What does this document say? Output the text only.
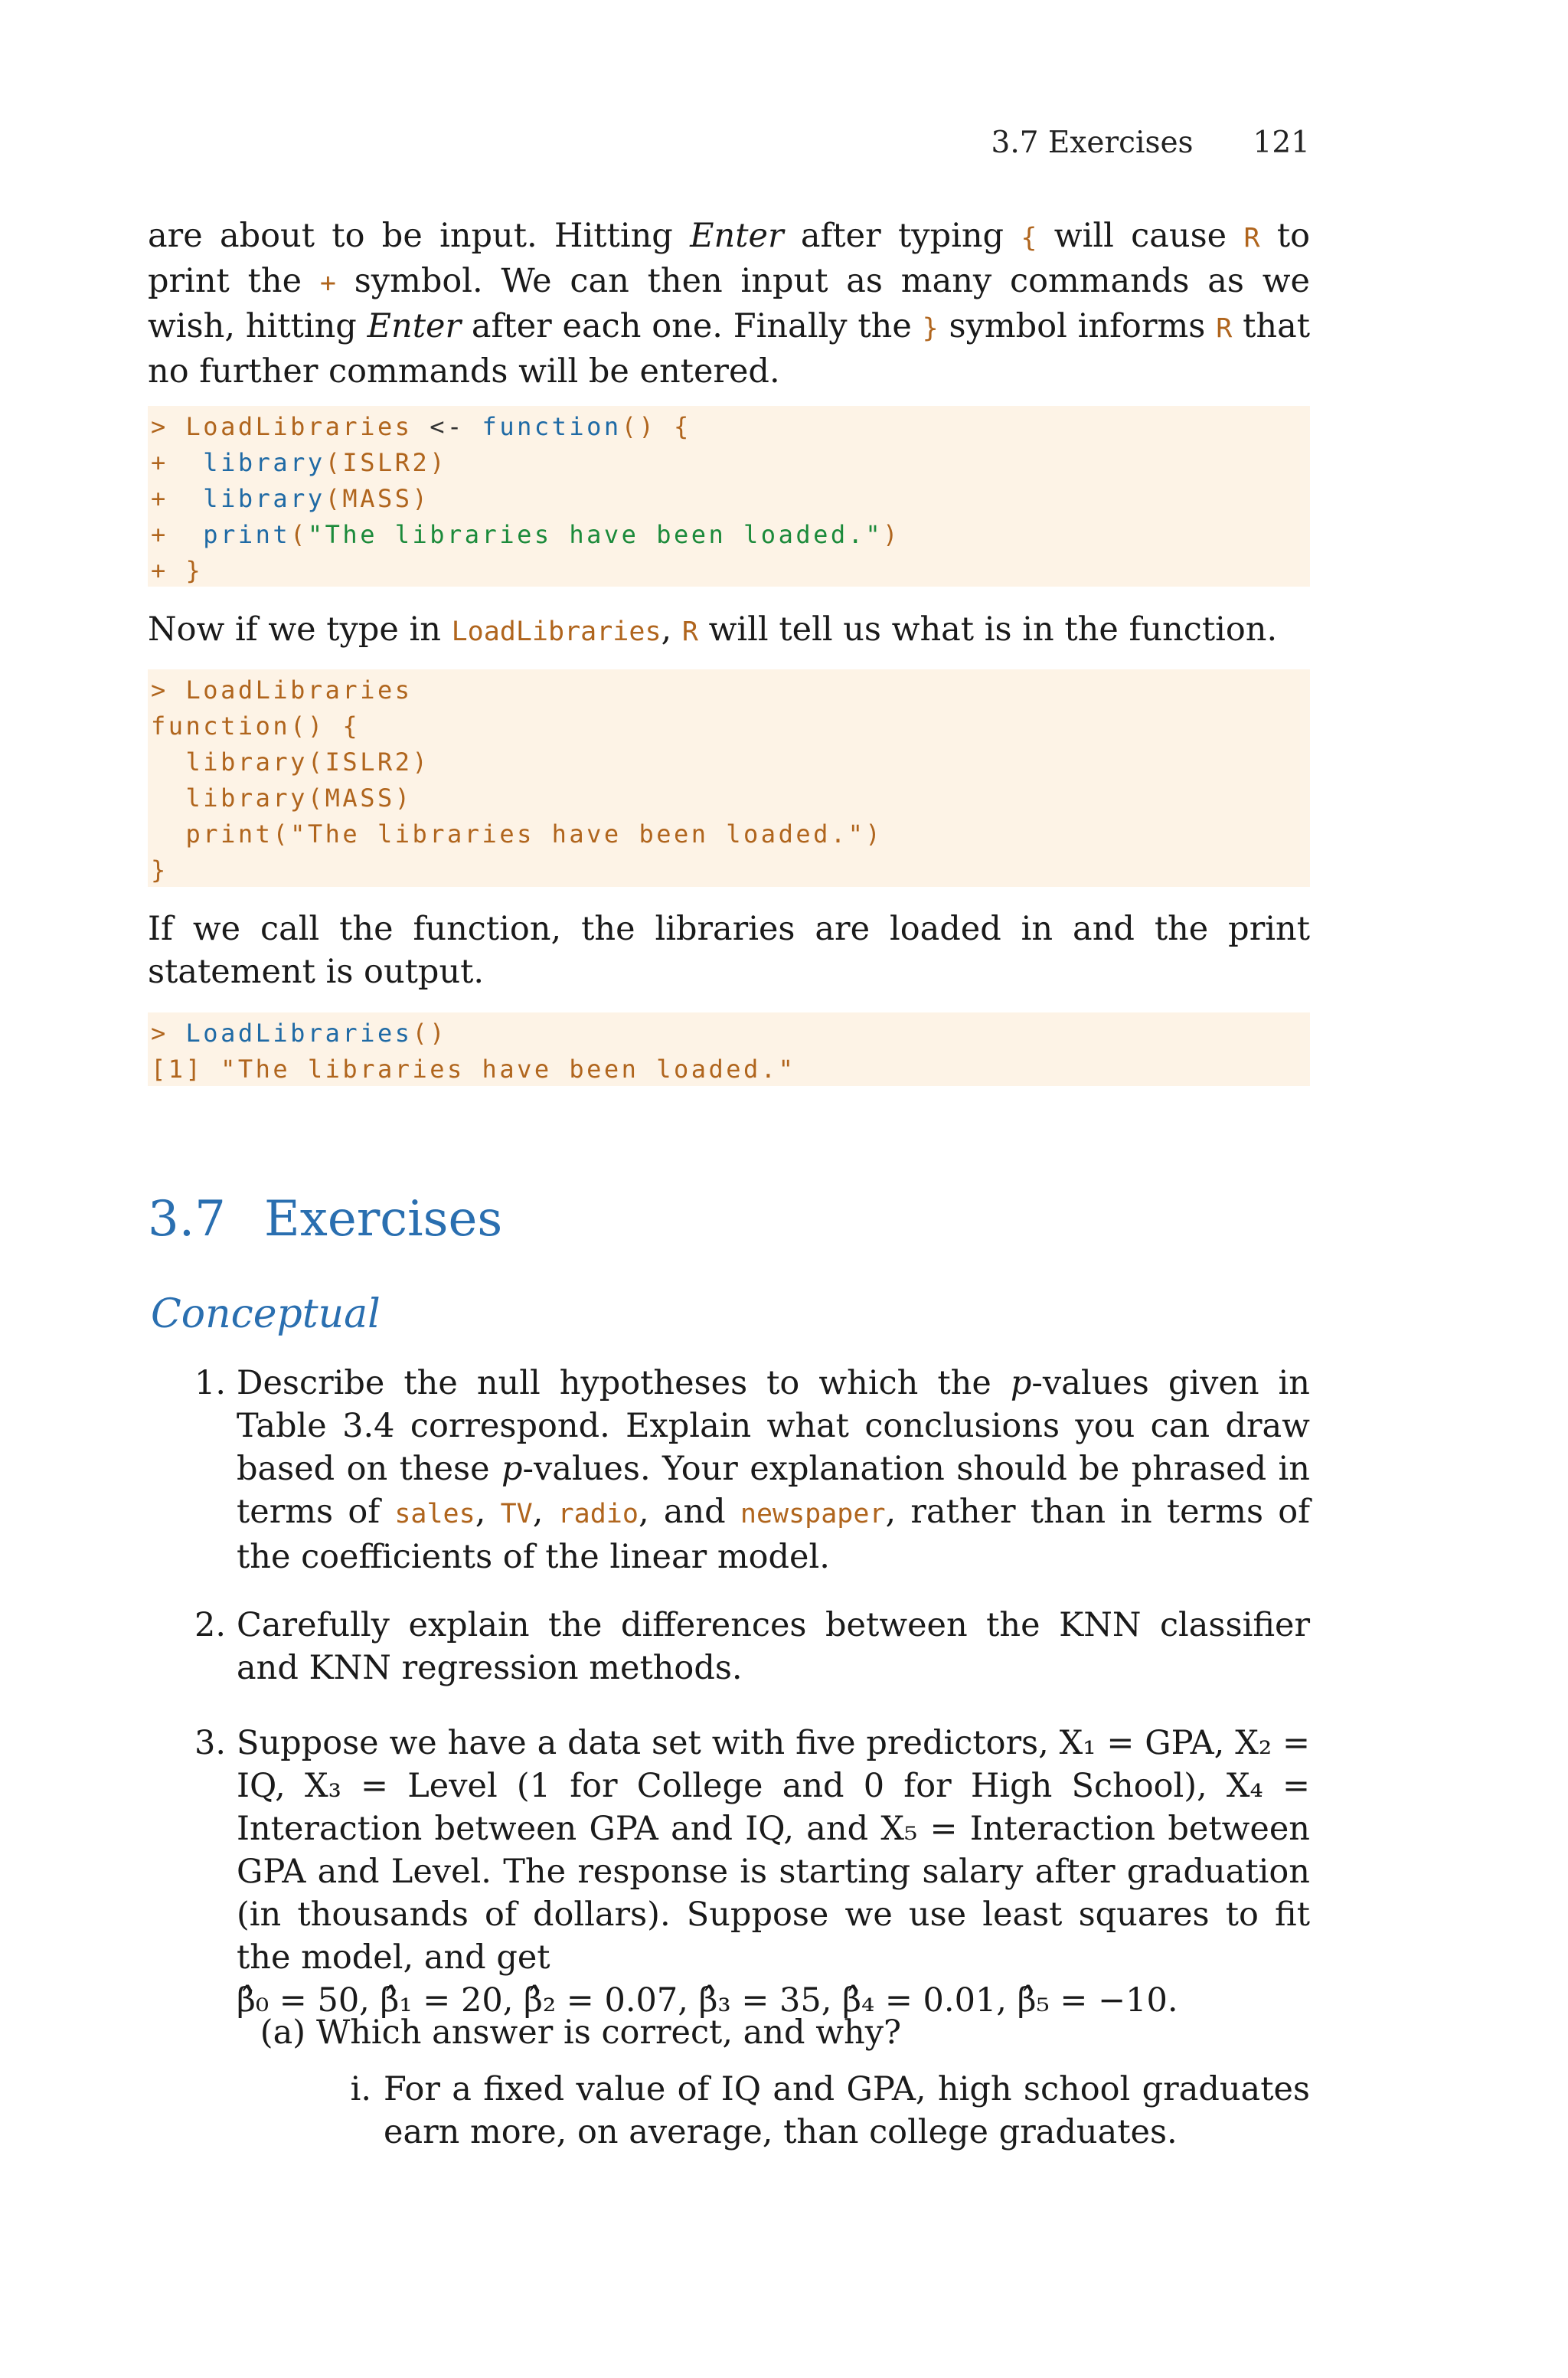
3.7 Exercises 121

are about to be input. Hitting Enter after typing { will cause R to print the + symbol. We can then input as many commands as we wish, hitting Enter after each one. Finally the } symbol informs R that no further commands will be entered.

> LoadLibraries <- function() {
+  library(ISLR2)
+  library(MASS)
+  print("The libraries have been loaded.")
+ }

Now if we type in LoadLibraries, R will tell us what is in the function.

> LoadLibraries
function() {
library(ISLR2)
library(MASS)
print("The libraries have been loaded.")
}

If we call the function, the libraries are loaded in and the print statement is output.

> LoadLibraries()
[1] "The libraries have been loaded."
3.7 Exercises
Conceptual
1. Describe the null hypotheses to which the p-values given in Table 3.4 correspond. Explain what conclusions you can draw based on these p-values. Your explanation should be phrased in terms of sales, TV, radio, and newspaper, rather than in terms of the coefficients of the linear model.
2. Carefully explain the differences between the KNN classifier and KNN regression methods.
3. Suppose we have a data set with five predictors, X₁ = GPA, X₂ = IQ, X₃ = Level (1 for College and 0 for High School), X₄ = Interaction between GPA and IQ, and X₅ = Interaction between GPA and Level. The response is starting salary after graduation (in thousands of dollars). Suppose we use least squares to fit the model, and get
β̂₀ = 50, β̂₁ = 20, β̂₂ = 0.07, β̂₃ = 35, β̂₄ = 0.01, β̂₅ = −10.
(a) Which answer is correct, and why?
i. For a fixed value of IQ and GPA, high school graduates earn more, on average, than college graduates.
